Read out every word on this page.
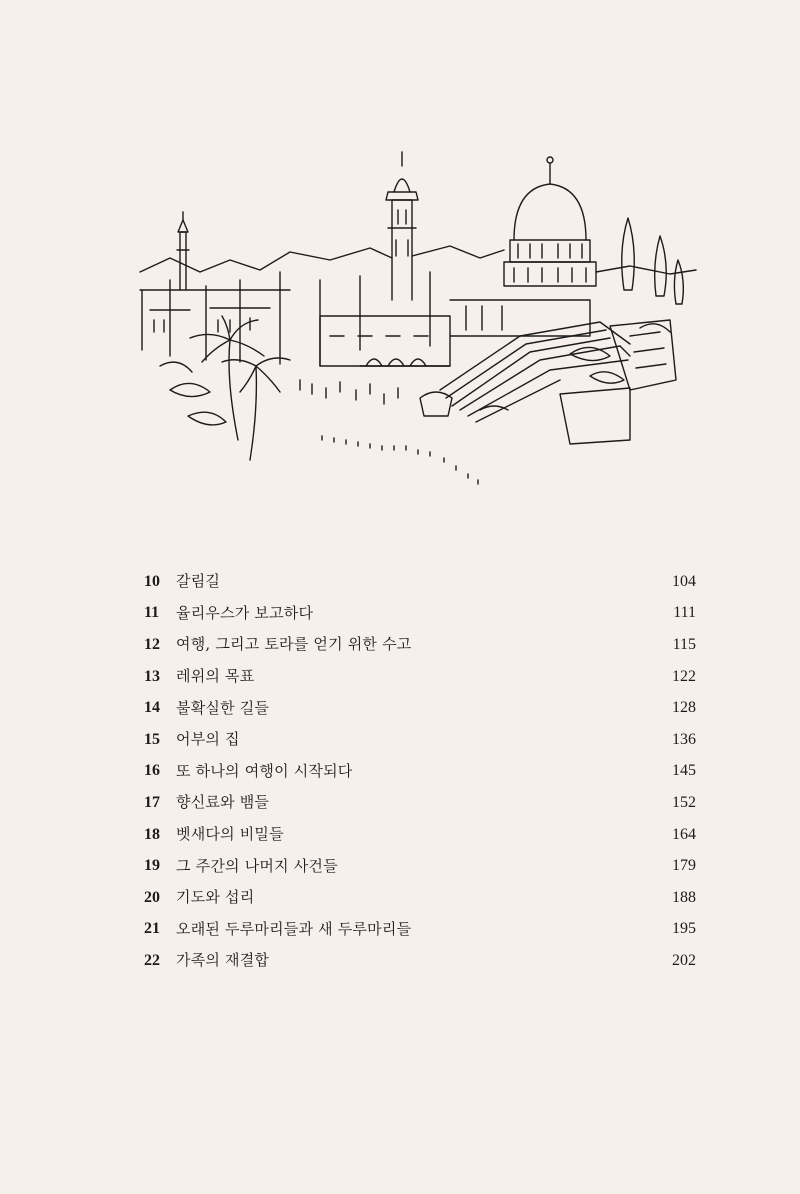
10	갈림길	104
11	율리우스가 보고하다	111
12	여행, 그리고 토라를 얻기 위한 수고	115
13	레위의 목표	122
14	불확실한 길들	128
15	어부의 집	136
16	또 하나의 여행이 시작되다	145
17	향신료와 뱀들	152
18	벳새다의 비밀들	164
19	그 주간의 나머지 사건들	179
20	기도와 섭리	188
21	오래된 두루마리들과 새 두루마리들	195
22	가족의 재결합	202
